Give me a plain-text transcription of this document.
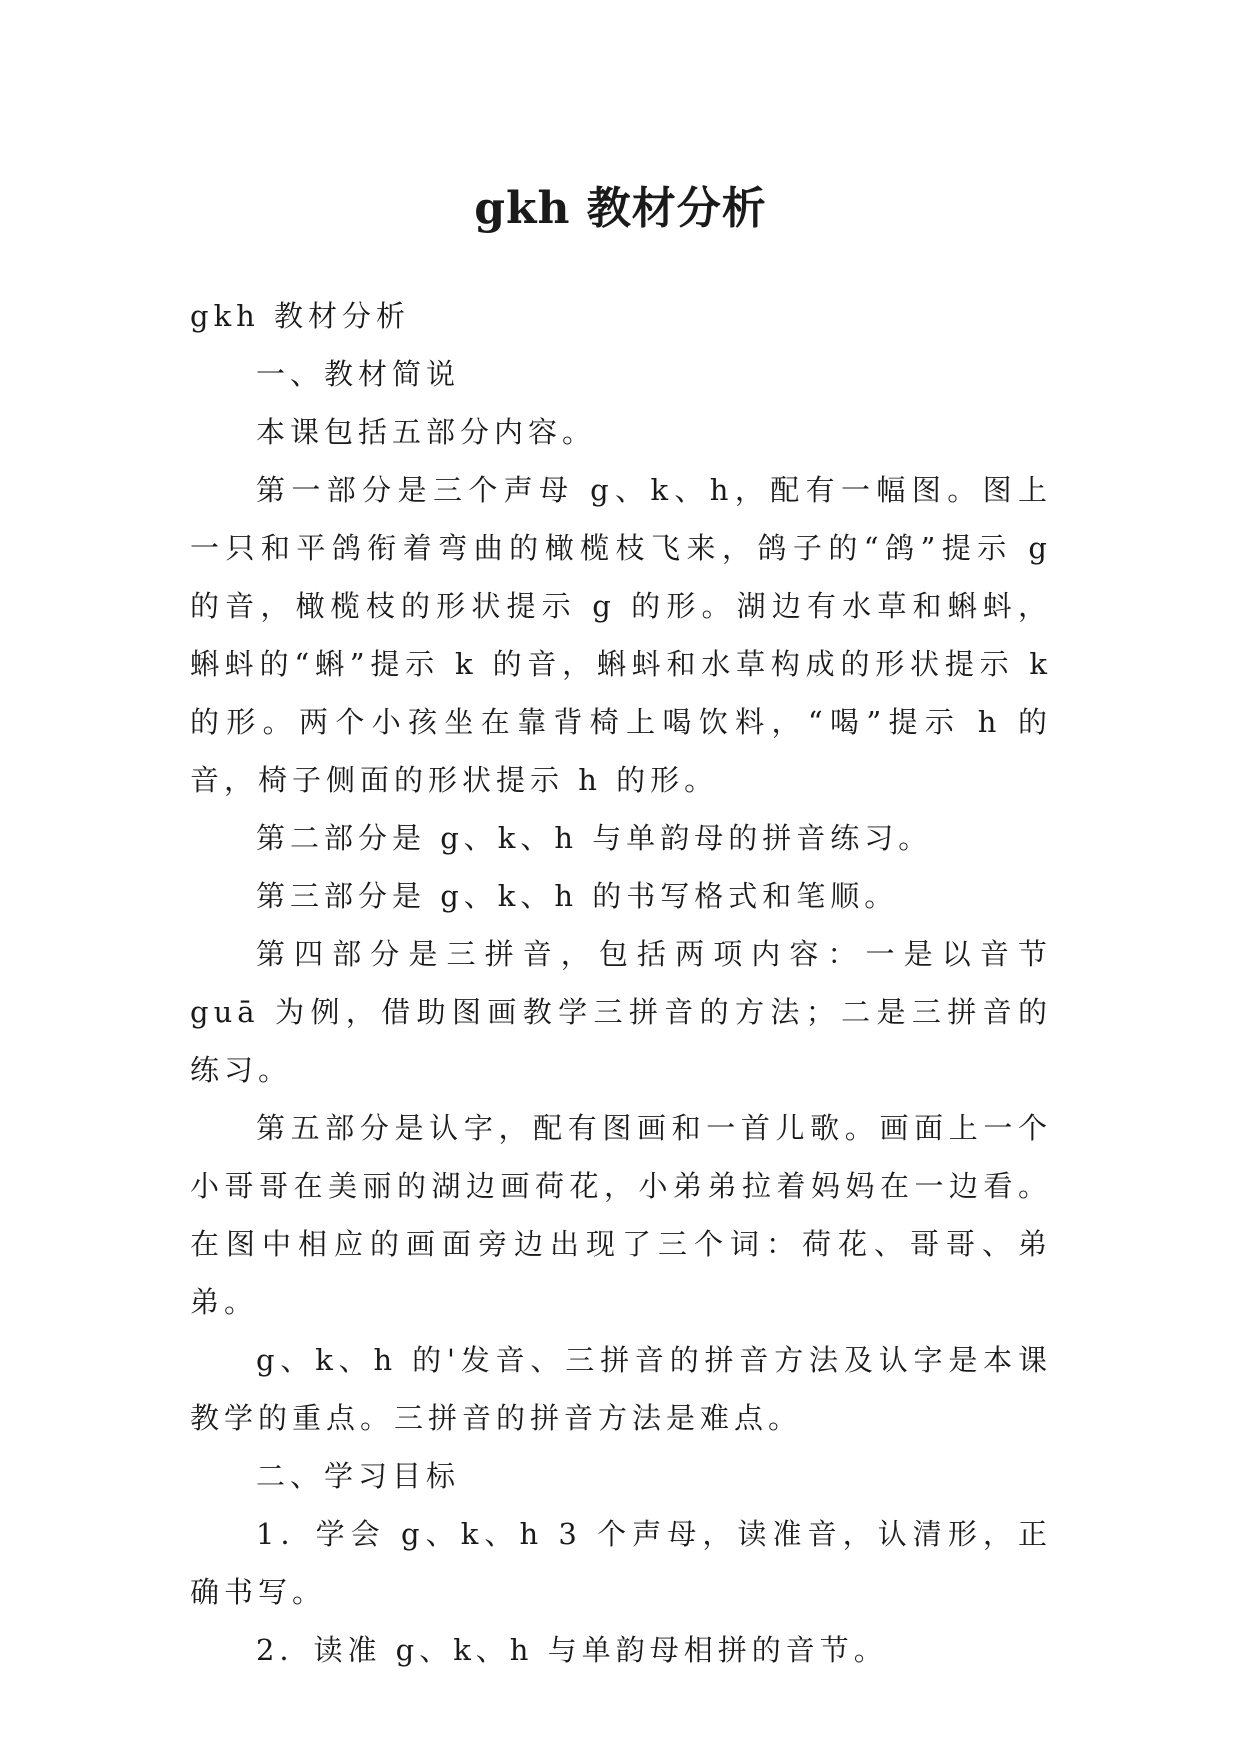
gkh 教材分析

gkh 教材分析

一、教材简说

本课包括五部分内容。

第一部分是三个声母 g、k、h，配有一幅图。图上一只和平鸽衔着弯曲的橄榄枝飞来，鸽子的“鸽”提示 g 的音，橄榄枝的形状提示 g 的形。湖边有水草和蝌蚪，蝌蚪的“蝌”提示 k 的音，蝌蚪和水草构成的形状提示 k 的形。两个小孩坐在靠背椅上喝饮料，“喝”提示 h 的音，椅子侧面的形状提示 h 的形。

第二部分是 g、k、h 与单韵母的拼音练习。

第三部分是 g、k、h 的书写格式和笔顺。

第四部分是三拼音，包括两项内容：一是以音节 guā 为例，借助图画教学三拼音的方法；二是三拼音的练习。

第五部分是认字，配有图画和一首儿歌。画面上一个小哥哥在美丽的湖边画荷花，小弟弟拉着妈妈在一边看。在图中相应的画面旁边出现了三个词：荷花、哥哥、弟弟。

g、k、h 的'发音、三拼音的拼音方法及认字是本课教学的重点。三拼音的拼音方法是难点。

二、学习目标

1．学会 g、k、h 3 个声母，读准音，认清形，正确书写。

2．读准 g、k、h 与单韵母相拼的音节。
